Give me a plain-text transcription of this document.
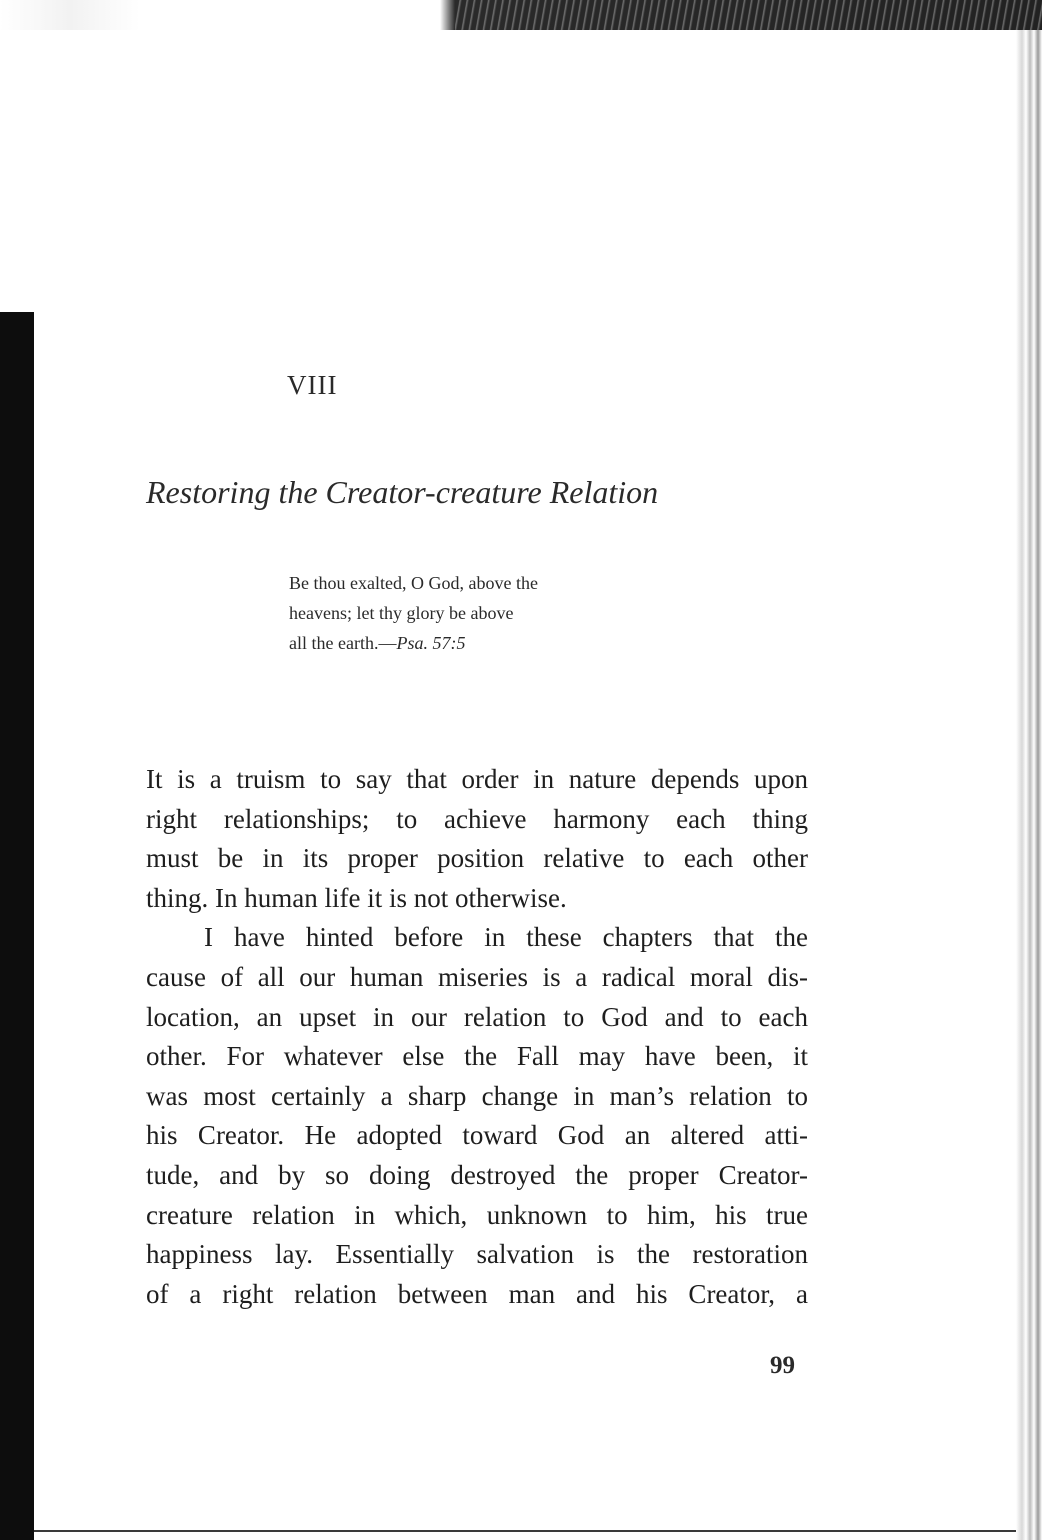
VIII
Restoring the Creator-creature Relation
Be thou exalted, O God, above the
heavens; let thy glory be above
all the earth.—Psa. 57:5
It is a truism to say that order in nature depends upon
right relationships; to achieve harmony each thing
must be in its proper position relative to each other
thing. In human life it is not otherwise.
I have hinted before in these chapters that the
cause of all our human miseries is a radical moral dis-
location, an upset in our relation to God and to each
other. For whatever else the Fall may have been, it
was most certainly a sharp change in man’s relation to
his Creator. He adopted toward God an altered atti-
tude, and by so doing destroyed the proper Creator-
creature relation in which, unknown to him, his true
happiness lay. Essentially salvation is the restoration
of a right relation between man and his Creator, a
99
